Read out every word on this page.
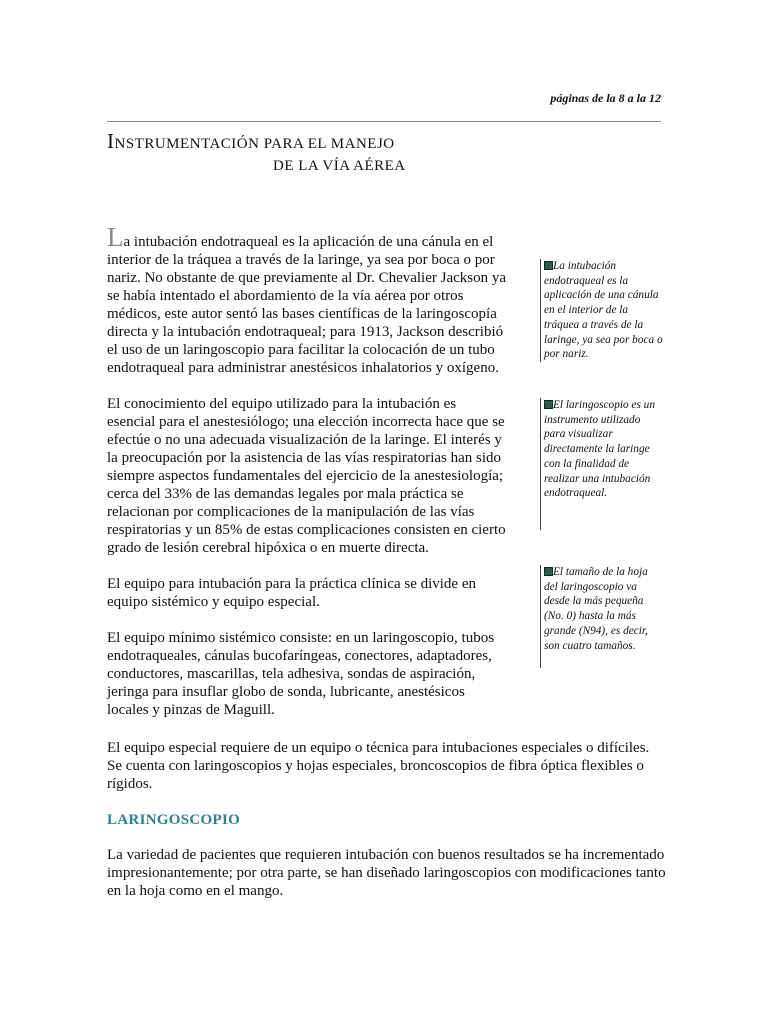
páginas de la 8 a la 12

INSTRUMENTACIÓN PARA EL MANEJO
DE LA VÍA AÉREA

La intubación endotraqueal es la aplicación de una cánula en el interior de la tráquea a través de la laringe, ya sea por boca o por nariz. No obstante de que previamente al Dr. Chevalier Jackson ya se había intentado el abordamiento de la vía aérea por otros médicos, este autor sentó las bases científicas de la laringoscopía directa y la intubación endotraqueal; para 1913, Jackson describió el uso de un laringoscopio para facilitar la colocación de un tubo endotraqueal para administrar anestésicos inhalatorios y oxígeno.

El conocimiento del equipo utilizado para la intubación es esencial para el anestesiólogo; una elección incorrecta hace que se efectúe o no una adecuada visualización de la laringe. El interés y la preocupación por la asistencia de las vías respiratorias han sido siempre aspectos fundamentales del ejercicio de la anestesiología; cerca del 33% de las demandas legales por mala práctica se relacionan por complicaciones de la manipulación de las vías respiratorias y un 85% de estas complicaciones consisten en cierto grado de lesión cerebral hipóxica o en muerte directa.

El equipo para intubación para la práctica clínica se divide en equipo sistémico y equipo especial.

El equipo mínimo sistémico consiste: en un laringoscopio, tubos endotraqueales, cánulas bucofaríngeas, conectores, adaptadores, conductores, mascarillas, tela adhesiva, sondas de aspiración, jeringa para insuflar globo de sonda, lubricante, anestésicos locales y pinzas de Maguill.

La intubación endotraqueal es la aplicación de una cánula en el interior de la tráquea a través de la laringe, ya sea por boca o por nariz.
El laringoscopio es un instrumento utilizado para visualizar directamente la laringe con la finalidad de realizar una intubación endotraqueal.
El tamaño de la hoja del laringoscopio va desde la más pequeña (No. 0) hasta la más grande (N94), es decir, son cuatro tamaños.

El equipo especial requiere de un equipo o técnica para intubaciones especiales o difíciles. Se cuenta con laringoscopios y hojas especiales, broncoscopios de fibra óptica flexibles o rígidos.

LARINGOSCOPIO

La variedad de pacientes que requieren intubación con buenos resultados se ha incrementado impresionantemente; por otra parte, se han diseñado laringoscopios con modificaciones tanto en la hoja como en el mango.
